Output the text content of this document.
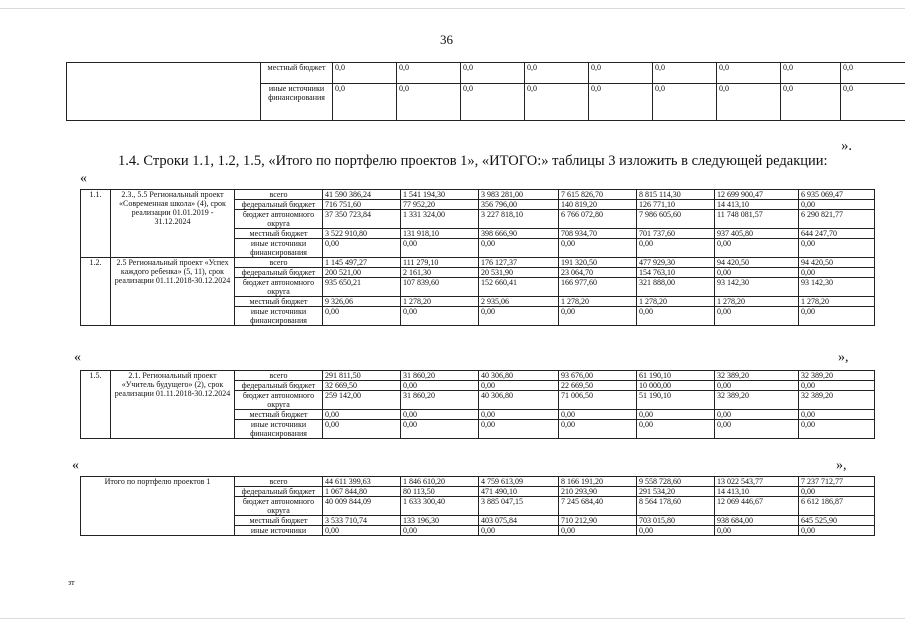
36
	местный бюджет	0,0	0,0	0,0	0,0	0,0	0,0	0,0	0,0	0,0
	иные источники финансирования	0,0	0,0	0,0	0,0	0,0	0,0	0,0	0,0	0,0
».
1.4. Строки 1.1, 1.2, 1.5, «Итого по портфелю проектов 1», «ИТОГО:» таблицы 3 изложить в следующей редакции:
«
1.1.	2.3., 5.5 Региональный проект «Современная школа» (4), срок реализации 01.01.2019 - 31.12.2024	всего	41 590 386,24	1 541 194,30	3 983 281,00	7 615 826,70	8 815 114,30	12 699 900,47	6 935 069,47
		федеральный бюджет	716 751,60	77 952,20	356 796,00	140 819,20	126 771,10	14 413,10	0,00
		бюджет автономного округа	37 350 723,84	1 331 324,00	3 227 818,10	6 766 072,80	7 986 605,60	11 748 081,57	6 290 821,77
		местный бюджет	3 522 910,80	131 918,10	398 666,90	708 934,70	701 737,60	937 405,80	644 247,70
		иные источники финансирования	0,00	0,00	0,00	0,00	0,00	0,00	0,00
1.2.	2.5 Региональный проект «Успех каждого ребенка» (5, 11), срок реализации 01.11.2018-30.12.2024	всего	1 145 497,27	111 279,10	176 127,37	191 320,50	477 929,30	94 420,50	94 420,50
		федеральный бюджет	200 521,00	2 161,30	20 531,90	23 064,70	154 763,10	0,00	0,00
		бюджет автономного округа	935 650,21	107 839,60	152 660,41	166 977,60	321 888,00	93 142,30	93 142,30
		местный бюджет	9 326,06	1 278,20	2 935,06	1 278,20	1 278,20	1 278,20	1 278,20
		иные источники финансирования	0,00	0,00	0,00	0,00	0,00	0,00	0,00
«	»,
1.5.	2.1. Региональный проект «Учитель будущего» (2), срок реализации 01.11.2018-30.12.2024	всего	291 811,50	31 860,20	40 306,80	93 676,00	61 190,10	32 389,20	32 389,20
		федеральный бюджет	32 669,50	0,00	0,00	22 669,50	10 000,00	0,00	0,00
		бюджет автономного округа	259 142,00	31 860,20	40 306,80	71 006,50	51 190,10	32 389,20	32 389,20
		местный бюджет	0,00	0,00	0,00	0,00	0,00	0,00	0,00
		иные источники финансирования	0,00	0,00	0,00	0,00	0,00	0,00	0,00
«	»,
Итого по портфелю проектов 1	всего	44 611 399,63	1 846 610,20	4 759 613,09	8 166 191,20	9 558 728,60	13 022 543,77	7 237 712,77
	федеральный бюджет	1 067 844,80	80 113,50	471 490,10	210 293,90	291 534,20	14 413,10	0,00
	бюджет автономного округа	40 009 844,09	1 633 300,40	3 885 047,15	7 245 684,40	8 564 178,60	12 069 446,67	6 612 186,87
	местный бюджет	3 533 710,74	133 196,30	403 075,84	710 212,90	703 015,80	938 684,00	645 525,90
	иные источники	0,00	0,00	0,00	0,00	0,00	0,00	0,00
зт
